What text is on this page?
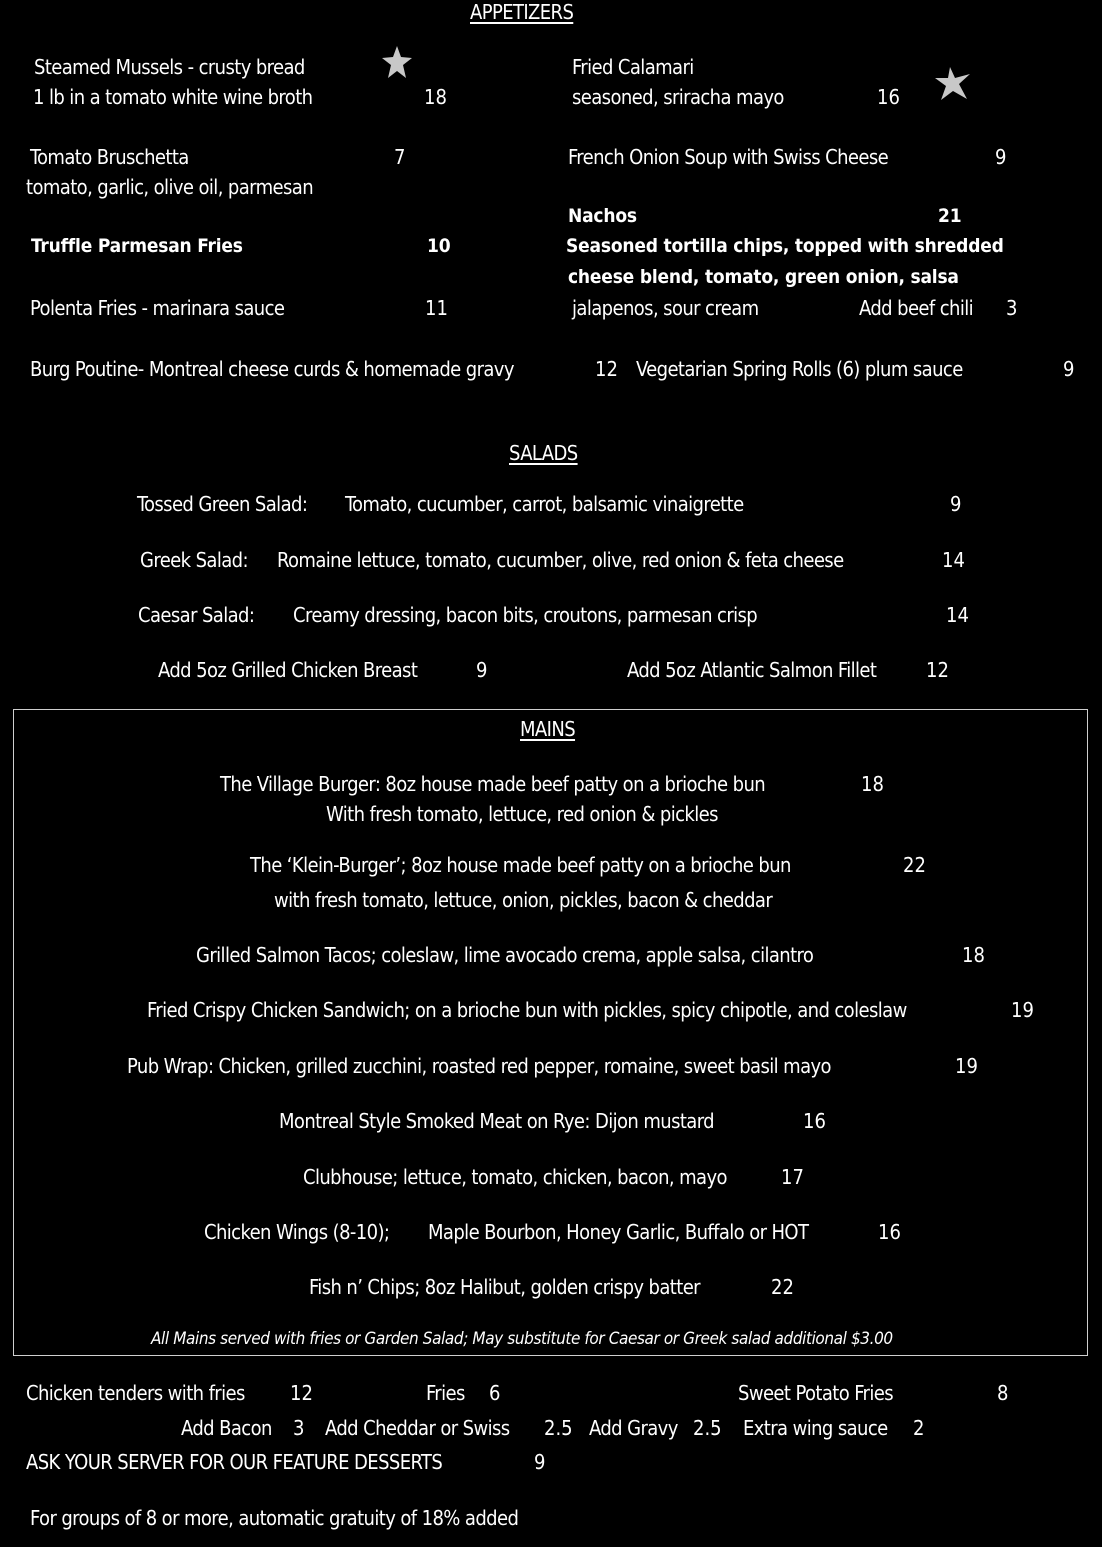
APPETIZERS
Steamed Mussels - crusty bread
1 lb in a tomato white wine broth	18
Fried Calamari
seasoned, sriracha mayo	16
Tomato Bruschetta	7
tomato, garlic, olive oil, parmesan
French Onion Soup with Swiss Cheese	9
Nachos	21
Seasoned tortilla chips, topped with shredded
cheese blend, tomato, green onion, salsa
jalapenos, sour cream	Add beef chili 3
Truffle Parmesan Fries	10
Polenta Fries - marinara sauce	11
Burg Poutine- Montreal cheese curds & homemade gravy	12 Vegetarian Spring Rolls (6) plum sauce	9
SALADS
Tossed Green Salad: Tomato, cucumber, carrot, balsamic vinaigrette	9
Greek Salad: Romaine lettuce, tomato, cucumber, olive, red onion & feta cheese	14
Caesar Salad: Creamy dressing, bacon bits, croutons, parmesan crisp	14
Add 5oz Grilled Chicken Breast	9	Add 5oz Atlantic Salmon Fillet 12
MAINS
The Village Burger: 8oz house made beef patty on a brioche bun	18
With fresh tomato, lettuce, red onion & pickles
The ‘Klein-Burger’; 8oz house made beef patty on a brioche bun	22
with fresh tomato, lettuce, onion, pickles, bacon & cheddar
Grilled Salmon Tacos; coleslaw, lime avocado crema, apple salsa, cilantro	18
Fried Crispy Chicken Sandwich; on a brioche bun with pickles, spicy chipotle, and coleslaw	19
Pub Wrap: Chicken, grilled zucchini, roasted red pepper, romaine, sweet basil mayo	19
Montreal Style Smoked Meat on Rye: Dijon mustard	16
Clubhouse; lettuce, tomato, chicken, bacon, mayo	17
Chicken Wings (8-10); Maple Bourbon, Honey Garlic, Buffalo or HOT	16
Fish n’ Chips; 8oz Halibut, golden crispy batter	22
All Mains served with fries or Garden Salad; May substitute for Caesar or Greek salad additional $3.00
Chicken tenders with fries 12	Fries 6	Sweet Potato Fries	8
Add Bacon 3 Add Cheddar or Swiss 2.5 Add Gravy 2.5 Extra wing sauce 2
ASK YOUR SERVER FOR OUR FEATURE DESSERTS	9
For groups of 8 or more, automatic gratuity of 18% added
